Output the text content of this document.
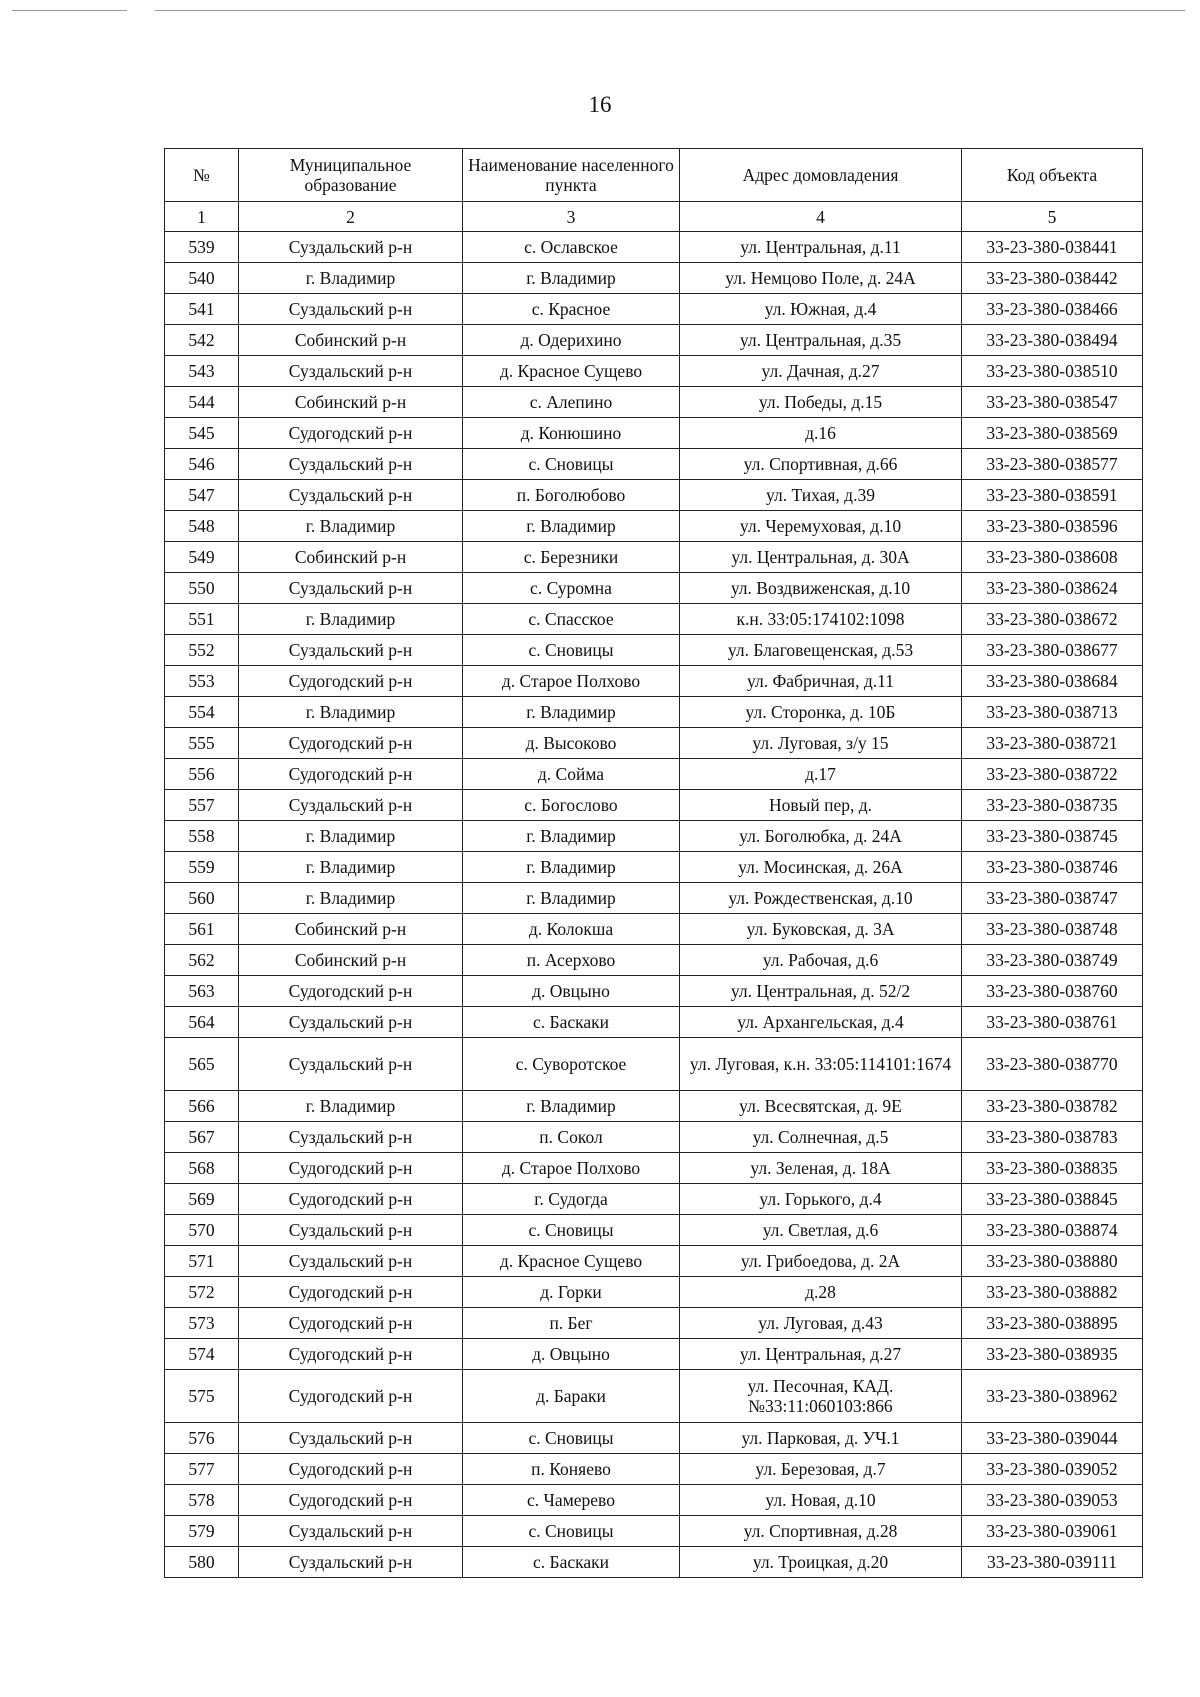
16
№	Муниципальное образование	Наименование населенного пункта	Адрес домовладения	Код объекта
1	2	3	4	5
539	Суздальский р-н	с. Ославское	ул. Центральная, д.11	33-23-380-038441
540	г. Владимир	г. Владимир	ул. Немцово Поле, д. 24А	33-23-380-038442
541	Суздальский р-н	с. Красное	ул. Южная, д.4	33-23-380-038466
542	Собинский р-н	д. Одерихино	ул. Центральная, д.35	33-23-380-038494
543	Суздальский р-н	д. Красное Сущево	ул. Дачная, д.27	33-23-380-038510
544	Собинский р-н	с. Алепино	ул. Победы, д.15	33-23-380-038547
545	Судогодский р-н	д. Конюшино	д.16	33-23-380-038569
546	Суздальский р-н	с. Сновицы	ул. Спортивная, д.66	33-23-380-038577
547	Суздальский р-н	п. Боголюбово	ул. Тихая, д.39	33-23-380-038591
548	г. Владимир	г. Владимир	ул. Черемуховая, д.10	33-23-380-038596
549	Собинский р-н	с. Березники	ул. Центральная, д. 30А	33-23-380-038608
550	Суздальский р-н	с. Суромна	ул. Воздвиженская, д.10	33-23-380-038624
551	г. Владимир	с. Спасское	к.н. 33:05:174102:1098	33-23-380-038672
552	Суздальский р-н	с. Сновицы	ул. Благовещенская, д.53	33-23-380-038677
553	Судогодский р-н	д. Старое Полхово	ул. Фабричная, д.11	33-23-380-038684
554	г. Владимир	г. Владимир	ул. Сторонка, д. 10Б	33-23-380-038713
555	Судогодский р-н	д. Высоково	ул. Луговая, з/у 15	33-23-380-038721
556	Судогодский р-н	д. Сойма	д.17	33-23-380-038722
557	Суздальский р-н	с. Богослово	Новый пер, д.	33-23-380-038735
558	г. Владимир	г. Владимир	ул. Боголюбка, д. 24А	33-23-380-038745
559	г. Владимир	г. Владимир	ул. Мосинская, д. 26А	33-23-380-038746
560	г. Владимир	г. Владимир	ул. Рождественская, д.10	33-23-380-038747
561	Собинский р-н	д. Колокша	ул. Буковская, д. 3А	33-23-380-038748
562	Собинский р-н	п. Асерхово	ул. Рабочая, д.6	33-23-380-038749
563	Судогодский р-н	д. Овцыно	ул. Центральная, д. 52/2	33-23-380-038760
564	Суздальский р-н	с. Баскаки	ул. Архангельская, д.4	33-23-380-038761
565	Суздальский р-н	с. Суворотское	ул. Луговая, к.н. 33:05:114101:1674	33-23-380-038770
566	г. Владимир	г. Владимир	ул. Всесвятская, д. 9Е	33-23-380-038782
567	Суздальский р-н	п. Сокол	ул. Солнечная, д.5	33-23-380-038783
568	Судогодский р-н	д. Старое Полхово	ул. Зеленая, д. 18А	33-23-380-038835
569	Судогодский р-н	г. Судогда	ул. Горького, д.4	33-23-380-038845
570	Суздальский р-н	с. Сновицы	ул. Светлая, д.6	33-23-380-038874
571	Суздальский р-н	д. Красное Сущево	ул. Грибоедова, д. 2А	33-23-380-038880
572	Судогодский р-н	д. Горки	д.28	33-23-380-038882
573	Судогодский р-н	п. Бег	ул. Луговая, д.43	33-23-380-038895
574	Судогодский р-н	д. Овцыно	ул. Центральная, д.27	33-23-380-038935
575	Судогодский р-н	д. Бараки	ул. Песочная, КАД.№33:11:060103:866	33-23-380-038962
576	Суздальский р-н	с. Сновицы	ул. Парковая, д. УЧ.1	33-23-380-039044
577	Судогодский р-н	п. Коняево	ул. Березовая, д.7	33-23-380-039052
578	Судогодский р-н	с. Чамерево	ул. Новая, д.10	33-23-380-039053
579	Суздальский р-н	с. Сновицы	ул. Спортивная, д.28	33-23-380-039061
580	Суздальский р-н	с. Баскаки	ул. Троицкая, д.20	33-23-380-039111
